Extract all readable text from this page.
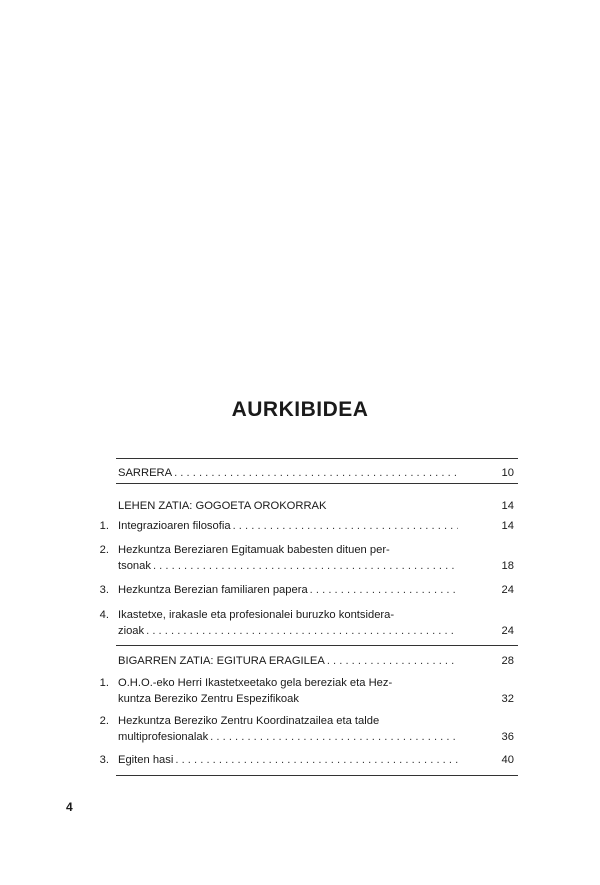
AURKIBIDEA
SARRERA . . .	10
LEHEN ZATIA: GOGOETA OROKORRAK	14
1. Integrazioaren filosofia . . .	14
2. Hezkuntza Bereziaren Egitamuak babesten dituen per-
tsonak . . .	18
3. Hezkuntza Berezian familiaren papera . . .	24
4. Ikastetxe, irakasle eta profesionalei buruzko kontsidera-
zioak . . .	24
BIGARREN ZATIA: EGITURA ERAGILEA . . .	28
1. O.H.O.-eko Herri Ikastetxeetako gela bereziak eta Hez-
kuntza Bereziko Zentru Espezifikoak	32
2. Hezkuntza Bereziko Zentru Koordinatzailea eta talde
multiprofesionalak . . .	36
3. Egiten hasi . . .	40
4
